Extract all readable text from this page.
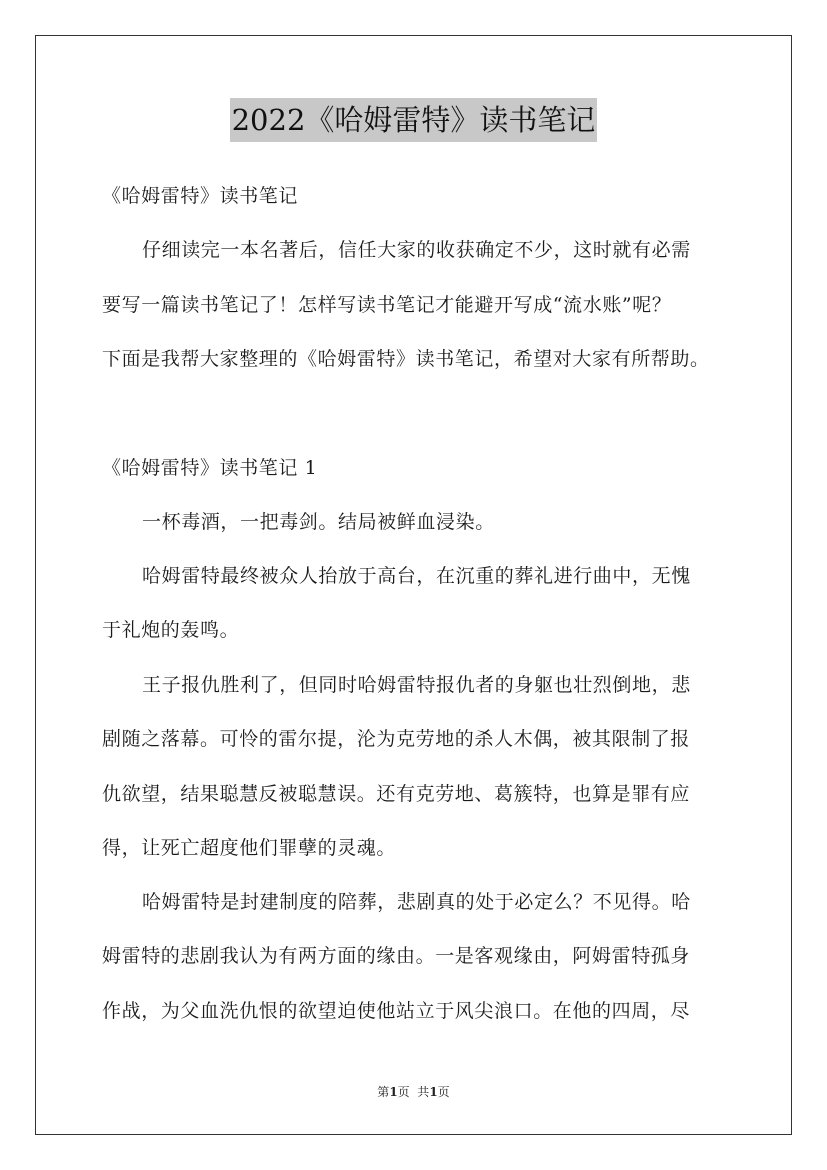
2022《哈姆雷特》读书笔记
《哈姆雷特》读书笔记
仔细读完一本名著后，信任大家的收获确定不少，这时就有必需
要写一篇读书笔记了！怎样写读书笔记才能避开写成“流水账”呢？
下面是我帮大家整理的《哈姆雷特》读书笔记，希望对大家有所帮助。
《哈姆雷特》读书笔记 1
一杯毒酒，一把毒剑。结局被鲜血浸染。
哈姆雷特最终被众人抬放于高台，在沉重的葬礼进行曲中，无愧
于礼炮的轰鸣。
王子报仇胜利了，但同时哈姆雷特报仇者的身躯也壮烈倒地，悲
剧随之落幕。可怜的雷尔提，沦为克劳地的杀人木偶，被其限制了报
仇欲望，结果聪慧反被聪慧误。还有克劳地、葛簇特，也算是罪有应
得，让死亡超度他们罪孽的灵魂。
哈姆雷特是封建制度的陪葬，悲剧真的处于必定么？不见得。哈
姆雷特的悲剧我认为有两方面的缘由。一是客观缘由，阿姆雷特孤身
作战，为父血洗仇恨的欲望迫使他站立于风尖浪口。在他的四周，尽
第1页  共1页
